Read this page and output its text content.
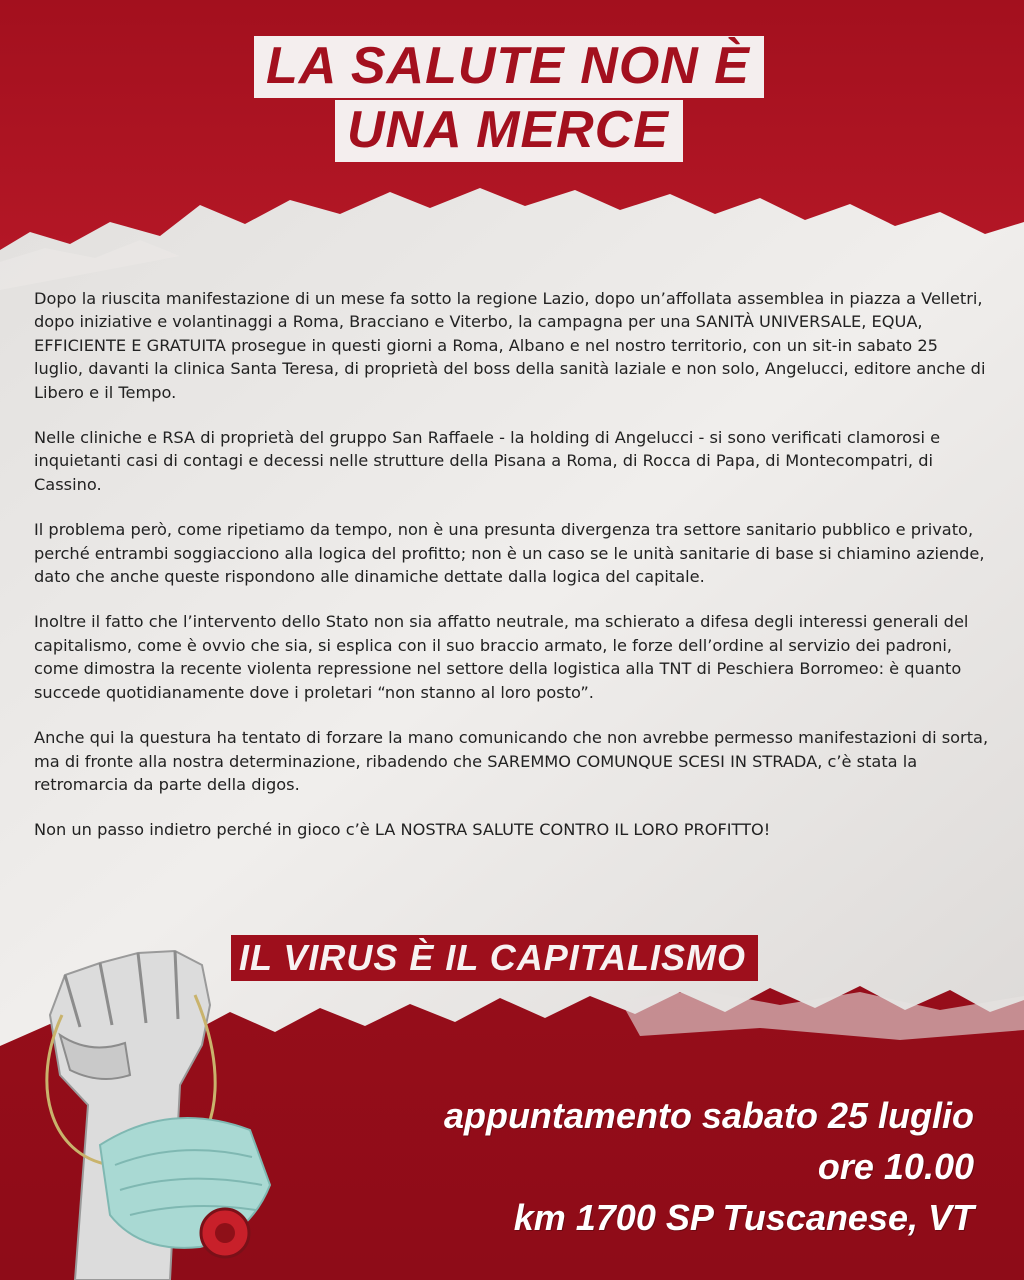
LA SALUTE NON È
UNA MERCE

Dopo la riuscita manifestazione di un mese fa sotto la regione Lazio, dopo un’affollata assemblea in piazza a Velletri, dopo iniziative e volantinaggi a Roma, Bracciano e Viterbo, la campagna per una SANITÀ UNIVERSALE, EQUA, EFFICIENTE E GRATUITA prosegue in questi giorni a Roma, Albano e nel nostro territorio, con un sit-in sabato 25 luglio, davanti la clinica Santa Teresa, di proprietà del boss della sanità laziale e non solo, Angelucci, editore anche di Libero e il Tempo.

Nelle cliniche e RSA di proprietà del gruppo San Raffaele - la holding di Angelucci - si sono verificati clamorosi e inquietanti casi di contagi e decessi nelle strutture della Pisana a Roma, di Rocca di Papa, di Montecompatri, di Cassino.

Il problema però, come ripetiamo da tempo, non è una presunta divergenza tra settore sanitario pubblico e privato, perché entrambi soggiacciono alla logica del profitto; non è un caso se le unità sanitarie di base si chiamino aziende, dato che anche queste rispondono alle dinamiche dettate dalla logica del capitale.

Inoltre il fatto che l’intervento dello Stato non sia affatto neutrale, ma schierato a difesa degli interessi generali del capitalismo, come è ovvio che sia, si esplica con il suo braccio armato, le forze dell’ordine al servizio dei padroni, come dimostra la recente violenta repressione nel settore della logistica alla TNT di Peschiera Borromeo: è quanto succede quotidianamente dove i proletari “non stanno al loro posto”.

Anche qui la questura ha tentato di forzare la mano comunicando che non avrebbe permesso manifestazioni di sorta, ma di fronte alla nostra determinazione, ribadendo che SAREMMO COMUNQUE SCESI IN STRADA, c’è stata la retromarcia da parte della digos.

Non un passo indietro perché in gioco c’è LA NOSTRA SALUTE CONTRO IL LORO PROFITTO!

IL VIRUS È IL CAPITALISMO
appuntamento sabato 25 luglio
ore 10.00
km 1700 SP Tuscanese, VT
